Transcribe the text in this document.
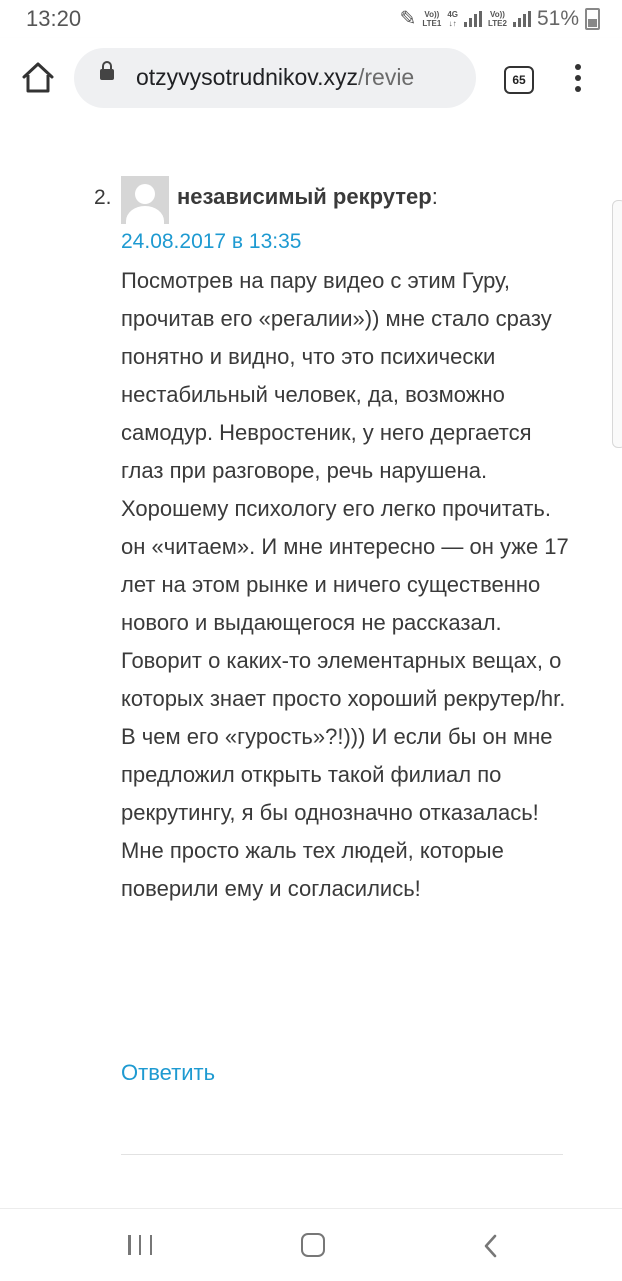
13:20	✎ Vo))
LTE1
4G
↓↑
Vo))
LTE2 51%
otzyvysotrudnikov.xyz/revie	65
2.	независимый рекрутер:
24.08.2017 в 13:35

Посмотрев на пару видео с этим Гуру, прочитав его «регалии»)) мне стало сразу понятно и видно, что это психически нестабильный человек, да, возможно самодур. Невростеник, у него дергается глаз при разговоре, речь нарушена. Хорошему психологу его легко прочитать. он «читаем». И мне интересно — он уже 17 лет на этом рынке и ничего существенно нового и выдающегося не рассказал. Говорит о каких-то элементарных вещах, о которых знает просто хороший рекрутер/hr. В чем его «гурость»?!))) И если бы он мне предложил открыть такой филиал по рекрутингу, я бы однозначно отказалась! Мне просто жаль тех людей, которые поверили ему и согласились!

Ответить
